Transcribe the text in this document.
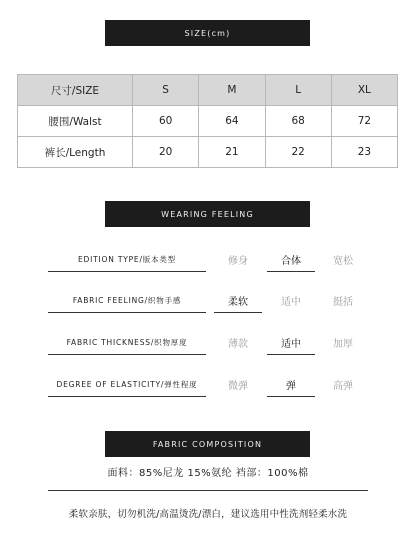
SIZE(cm)
尺寸/SIZE	S	M	L	XL
腰围/Walst	60	64	68	72
裤长/Length	20	21	22	23
WEARING FEELING
EDITION TYPE/版本类型	修身	合体	宽松
FABRIC FEELING/织物手感	柔软	适中	挺括
FABRIC THICKNESS/织物厚度	薄款	适中	加厚
DEGREE OF ELASTICITY/弹性程度	微弹	弹	高弹
FABRIC COMPOSITION
面料：85%尼龙 15%氨纶 裆部：100%棉
柔软亲肤，切勿机洗/高温烫洗/漂白，建议选用中性洗剂轻柔水洗
